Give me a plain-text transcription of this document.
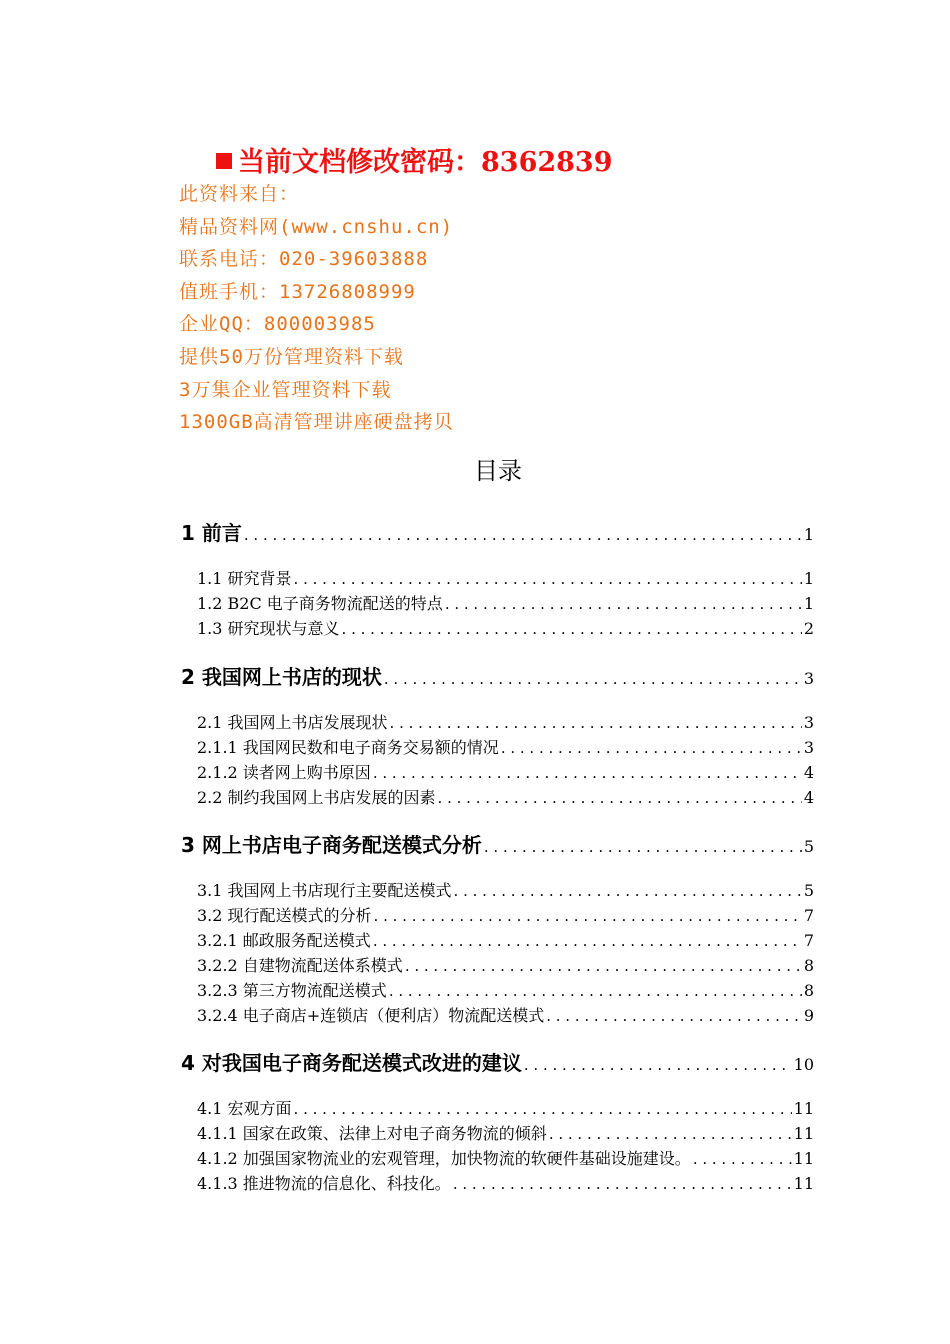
当前文档修改密码：8362839
此资料来自：
精品资料网(www.cnshu.cn)
联系电话：020-39603888
值班手机：13726808999
企业QQ：800003985
提供50万份管理资料下载
3万集企业管理资料下载
1300GB高清管理讲座硬盘拷贝
目录
1 前言 . . .	1
1.1 研究背景 . . .	1
1.2 B2C 电子商务物流配送的特点 . . .	1
1.3 研究现状与意义 . . .	2
2 我国网上书店的现状 . . .	3
2.1 我国网上书店发展现状 . . .	3
2.1.1 我国网民数和电子商务交易额的情况 . . .	3
2.1.2 读者网上购书原因 . . .	4
2.2 制约我国网上书店发展的因素 . . .	4
3 网上书店电子商务配送模式分析 . . .	5
3.1 我国网上书店现行主要配送模式 . . .	5
3.2 现行配送模式的分析 . . .	7
3.2.1 邮政服务配送模式 . . .	7
3.2.2 自建物流配送体系模式 . . .	8
3.2.3 第三方物流配送模式 . . .	8
3.2.4 电子商店+连锁店（便利店）物流配送模式 . . .	9
4 对我国电子商务配送模式改进的建议 . . .	10
4.1 宏观方面 . . .	11
4.1.1 国家在政策、法律上对电子商务物流的倾斜 . . .	11
4.1.2 加强国家物流业的宏观管理，加快物流的软硬件基础设施建设。 . . .	11
4.1.3 推进物流的信息化、科技化。 . . .	11
